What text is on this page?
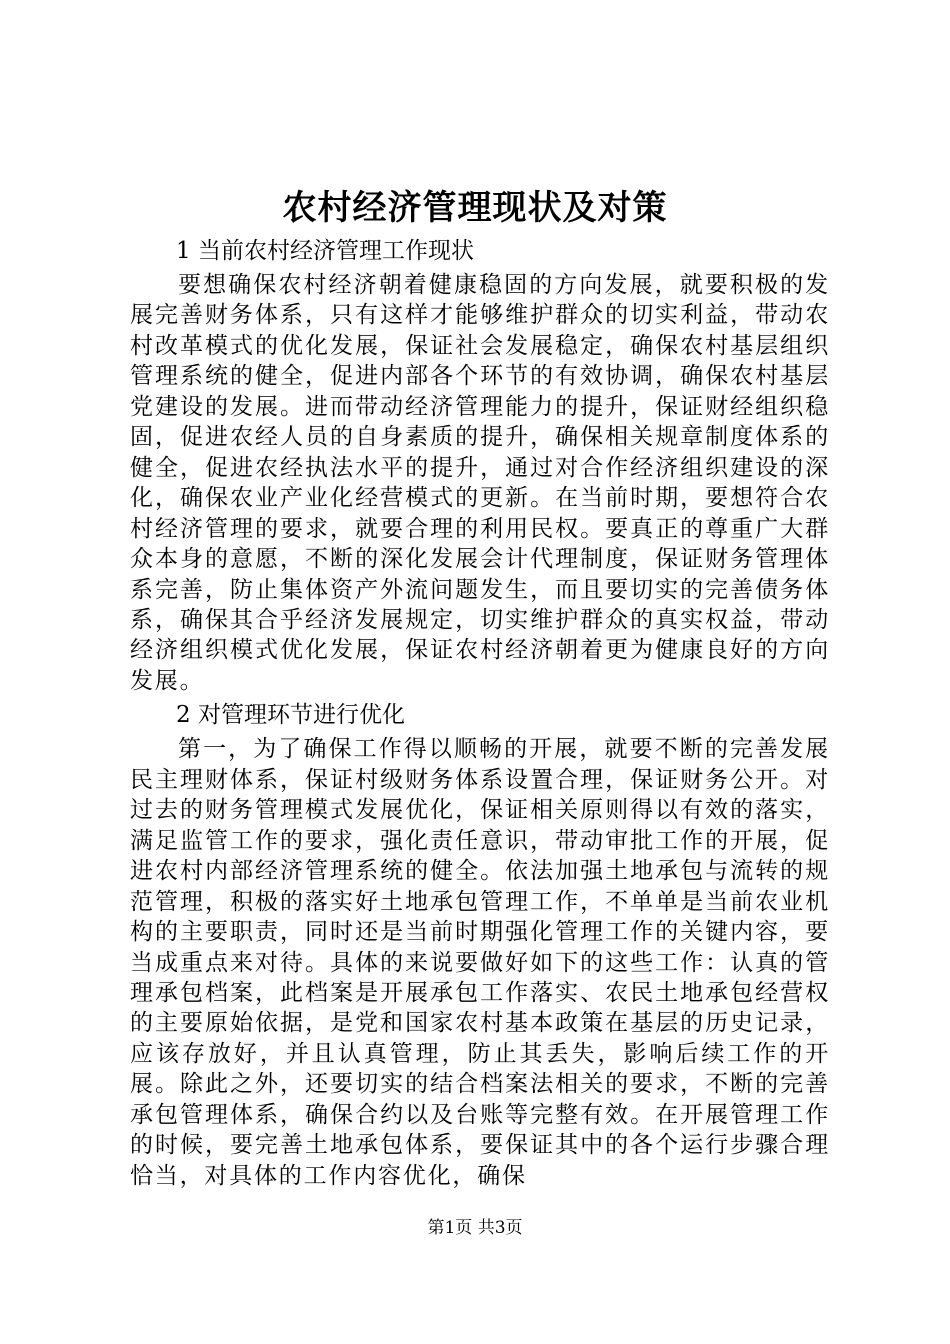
农村经济管理现状及对策
1 当前农村经济管理工作现状

要想确保农村经济朝着健康稳固的方向发展，就要积极的发展完善财务体系，只有这样才能够维护群众的切实利益，带动农村改革模式的优化发展，保证社会发展稳定，确保农村基层组织管理系统的健全，促进内部各个环节的有效协调，确保农村基层党建设的发展。进而带动经济管理能力的提升，保证财经组织稳固，促进农经人员的自身素质的提升，确保相关规章制度体系的健全，促进农经执法水平的提升，通过对合作经济组织建设的深化，确保农业产业化经营模式的更新。在当前时期，要想符合农村经济管理的要求，就要合理的利用民权。要真正的尊重广大群众本身的意愿，不断的深化发展会计代理制度，保证财务管理体系完善，防止集体资产外流问题发生，而且要切实的完善债务体系，确保其合乎经济发展规定，切实维护群众的真实权益，带动经济组织模式优化发展，保证农村经济朝着更为健康良好的方向发展。

2 对管理环节进行优化

第一，为了确保工作得以顺畅的开展，就要不断的完善发展民主理财体系，保证村级财务体系设置合理，保证财务公开。对过去的财务管理模式发展优化，保证相关原则得以有效的落实，满足监管工作的要求，强化责任意识，带动审批工作的开展，促进农村内部经济管理系统的健全。依法加强土地承包与流转的规范管理，积极的落实好土地承包管理工作，不单单是当前农业机构的主要职责，同时还是当前时期强化管理工作的关键内容，要当成重点来对待。具体的来说要做好如下的这些工作：认真的管理承包档案，此档案是开展承包工作落实、农民土地承包经营权的主要原始依据，是党和国家农村基本政策在基层的历史记录，应该存放好，并且认真管理，防止其丢失，影响后续工作的开展。除此之外，还要切实的结合档案法相关的要求，不断的完善承包管理体系，确保合约以及台账等完整有效。在开展管理工作的时候，要完善土地承包体系，要保证其中的各个运行步骤合理恰当，对具体的工作内容优化，确保

第1页 共3页
